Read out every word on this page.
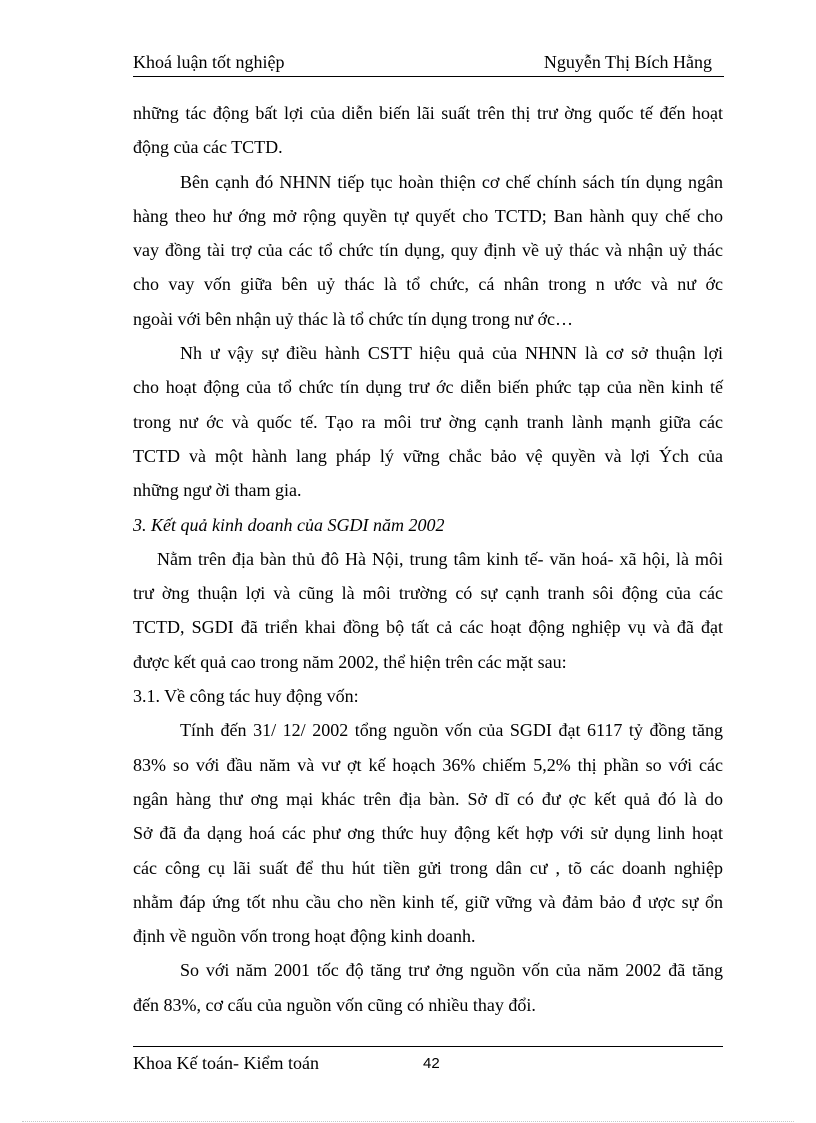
Khoá luận tốt nghiệp	Nguyễn Thị Bích Hằng
những tác động bất lợi của diễn biến lãi suất trên thị trư ờng quốc tế đến hoạt
động của các TCTD.
Bên cạnh đó NHNN tiếp tục hoàn thiện cơ chế chính sách tín dụng ngân
hàng theo hư ớng mở rộng quyền tự quyết cho TCTD; Ban hành quy chế cho
vay đồng tài trợ của các tổ chức tín dụng, quy định về uỷ thác và nhận uỷ thác
cho vay vốn giữa bên uỷ thác là tổ chức, cá nhân trong n ước và nư ớc
ngoài với bên nhận uỷ thác là tổ chức tín dụng trong nư ớc…
Nh ư vậy sự điều hành CSTT hiệu quả của NHNN là cơ sở thuận lợi
cho hoạt động của tổ chức tín dụng trư ớc diễn biến phức tạp của nền kinh tế
trong nư ớc và quốc tế. Tạo ra môi trư ờng cạnh tranh lành mạnh giữa các
TCTD và một hành lang pháp lý vững chắc bảo vệ quyền và lợi Ých của
những ngư ời tham gia.
3. Kết quả kinh doanh của SGDI năm 2002
Nằm trên địa bàn thủ đô Hà Nội, trung tâm kinh tế- văn hoá- xã hội, là môi
trư ờng thuận lợi và cũng là môi trường có sự cạnh tranh sôi động của các
TCTD, SGDI đã triển khai đồng bộ tất cả các hoạt động nghiệp vụ và đã đạt
được kết quả cao trong năm 2002, thể hiện trên các mặt sau:
3.1. Về công tác huy động vốn:
Tính đến 31/ 12/ 2002 tổng nguồn vốn của SGDI đạt 6117 tỷ đồng tăng
83% so với đầu năm và vư ợt kế hoạch 36% chiếm 5,2% thị phần so với các
ngân hàng thư ơng mại khác trên địa bàn. Sở dĩ có đư ợc kết quả đó là do
Sở đã đa dạng hoá các phư ơng thức huy động kết hợp với sử dụng linh hoạt
các công cụ lãi suất để thu hút tiền gửi trong dân cư , tõ các doanh nghiệp
nhằm đáp ứng tốt nhu cầu cho nền kinh tế, giữ vững và đảm bảo đ ược sự ổn
định về nguồn vốn trong hoạt động kinh doanh.
So với năm 2001 tốc độ tăng trư ởng nguồn vốn của năm 2002 đã tăng
đến 83%, cơ cấu của nguồn vốn cũng có nhiều thay đổi.
Khoa Kế toán- Kiểm toán	42
